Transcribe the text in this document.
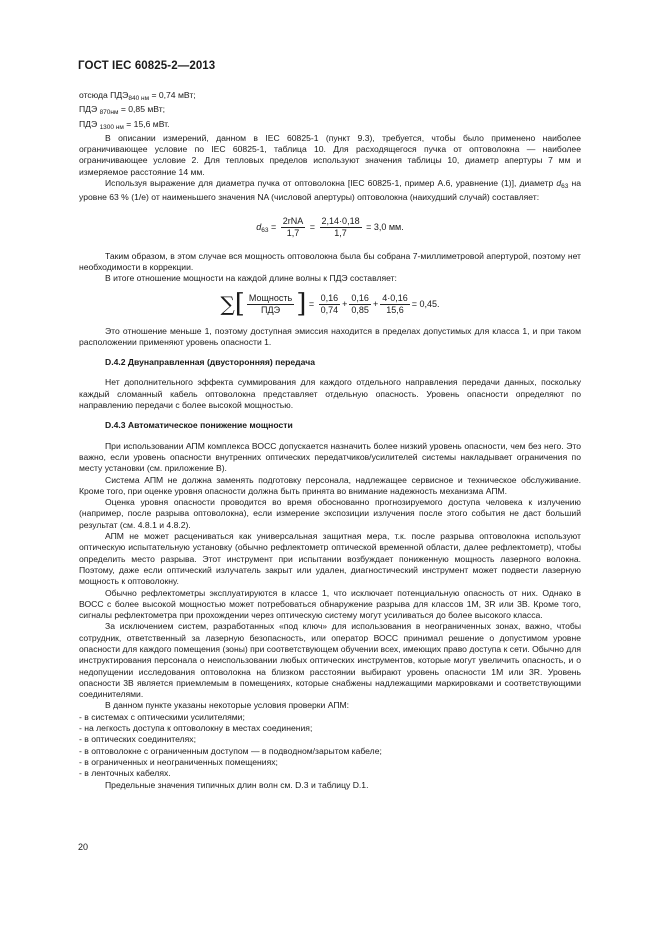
ГОСТ IEC 60825-2—2013

отсюда $ПДЭ_{840 нм} = 0,74$ мВт;

ПДЭ $_{870нм}$ = 0,85 мВт;

ПДЭ $_{1300 нм}$ = 15,6 мВт.

В описании измерений, данном в IEC 60825-1 (пункт 9.3), требуется, чтобы было применено наиболее ограничивающее условие по IEC 60825-1, таблица 10. Для расходящегося пучка от оптоволокна — наиболее ограничивающее условие 2. Для тепловых пределов используют значения таблицы 10, диаметр апертуры 7 мм и измеряемое расстояние 14 мм.

Используя выражение для диаметра пучка от оптоволокна [IEC 60825-1, пример А.6, уравнение (1)], диаметр $d_{63}$ на уровне 63 % (1/e) от наименьшего значения NA (числовой апертуры) оптоволокна (наихудший случай) составляет:

$d_{63} = \frac{\text{2rNA}}{1,7} = \frac{2,14\cdot 0,18}{1,7} = 3,0$ мм.

Таким образом, в этом случае вся мощность оптоволокна была бы собрана 7-миллиметровой апертурой, поэтому нет необходимости в коррекции.

В итоге отношение мощности на каждой длине волны к ПДЭ составляет:

∑[ $\frac{\text{Мощность}}{\text{ПДЭ}}$ ] = $\frac{0,16}{0,74} + \frac{0,16}{0,85} + \frac{4\cdot 0,16}{15,6} = 0,45$.

Это отношение меньше 1, поэтому доступная эмиссия находится в пределах допустимых для класса 1, и при таком расположении применяют уровень опасности 1.

D.4.2 Двунаправленная (двусторонняя) передача

Нет дополнительного эффекта суммирования для каждого отдельного направления передачи данных, поскольку каждый сломанный кабель оптоволокна представляет отдельную опасность. Уровень опасности определяют по направлению передачи с более высокой мощностью.

D.4.3 Автоматическое понижение мощности

При использовании АПМ комплекса ВОСС допускается назначить более низкий уровень опасности, чем без него. Это важно, если уровень опасности внутренних оптических передатчиков/усилителей системы накладывает ограничения по месту установки (см. приложение В).

Система АПМ не должна заменять подготовку персонала, надлежащее сервисное и техническое обслуживание. Кроме того, при оценке уровня опасности должна быть принята во внимание надежность механизма АПМ.

Оценка уровня опасности проводится во время обоснованно прогнозируемого доступа человека к излучению (например, после разрыва оптоволокна), если измерение экспозиции излучения после этого события не даст больший результат (см. 4.8.1 и 4.8.2).

АПМ не может расцениваться как универсальная защитная мера, т.к. после разрыва оптоволокна используют оптическую испытательную установку (обычно рефлектометр оптической временной области, далее рефлектометр), чтобы определить место разрыва. Этот инструмент при испытании возбуждает пониженную мощность лазерного волокна. Поэтому, даже если оптический излучатель закрыт или удален, диагностический инструмент может подвести лазерную мощность к оптоволокну.

Обычно рефлектометры эксплуатируются в классе 1, что исключает потенциальную опасность от них. Однако в ВОСС с более высокой мощностью может потребоваться обнаружение разрыва для классов 1М, 3R или 3В. Кроме того, сигналы рефлектометра при прохождении через оптическую систему могут усиливаться до более высокого класса.

За исключением систем, разработанных «под ключ» для использования в неограниченных зонах, важно, чтобы сотрудник, ответственный за лазерную безопасность, или оператор ВОСС принимал решение о допустимом уровне опасности для каждого помещения (зоны) при соответствующем обучении всех, имеющих право доступа к сети. Обычно для инструктирования персонала о неиспользовании любых оптических инструментов, которые могут увеличить опасность, и о недопущении исследования оптоволокна на близком расстоянии выбирают уровень опасности 1М или 3R. Уровень опасности 3В является приемлемым в помещениях, которые снабжены надлежащими маркировками и соответствующими соединителями.

В данном пункте указаны некоторые условия проверки АПМ:

- в системах с оптическими усилителями;

- на легкость доступа к оптоволокну в местах соединения;

- в оптических соединителях;

- в оптоволокне с ограниченным доступом — в подводном/зарытом кабеле;

- в ограниченных и неограниченных помещениях;

- в ленточных кабелях.

Предельные значения типичных длин волн см. D.3 и таблицу D.1.

20
